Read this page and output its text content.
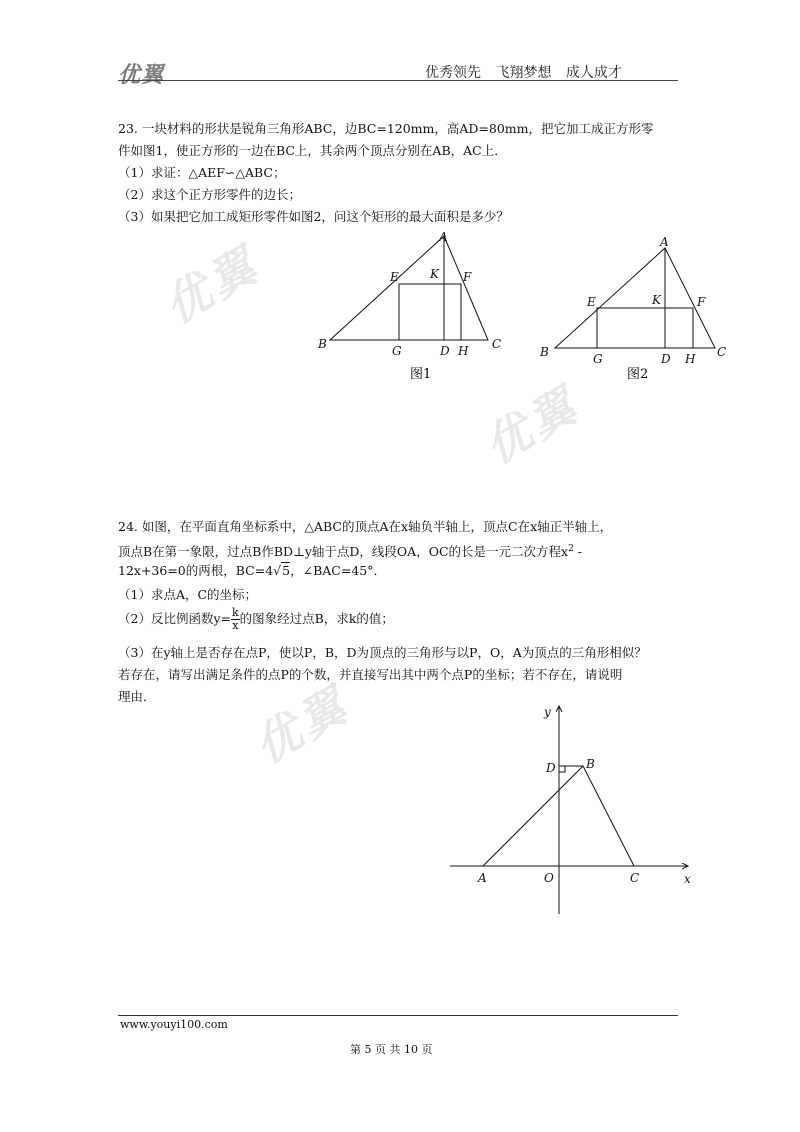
优翼	优秀领先 飞翔梦想 成人成才
优翼
优翼
优翼
23. 一块材料的形状是锐角三角形ABC，边BC=120mm，高AD=80mm，把它加工成正方形零
件如图1，使正方形的一边在BC上，其余两个顶点分别在AB，AC上．
（1）求证：△AEF∽△ABC；
（2）求这个正方形零件的边长；
（3）如果把它加工成矩形零件如图2，问这个矩形的最大面积是多少？
A
B	C
D
E	F
G	H
K
图1
A
B	C
D
E	F
G	H
K
图2
24. 如图，在平面直角坐标系中，△ABC的顶点A在x轴负半轴上，顶点C在x轴正半轴上，
顶点B在第一象限，过点B作BD⊥y轴于点D，线段OA，OC的长是一元二次方程$x^2$ -
12x+36=0的两根，BC=4√5，∠BAC=45°．
（1）求点A，C的坐标；
（2）反比例函数$y= \frac{k}{x}$ 的图象经过点B，求k的值；
（3）在y轴上是否存在点P，使以P，B，D为顶点的三角形与以P，O，A为顶点的三角形相似？
若存在，请写出满足条件的点P的个数，并直接写出其中两个点P的坐标；若不存在，请说明
理由．
x
y
A	O	C
B
D
www.youyi100.com
第 5 页 共 10 页
